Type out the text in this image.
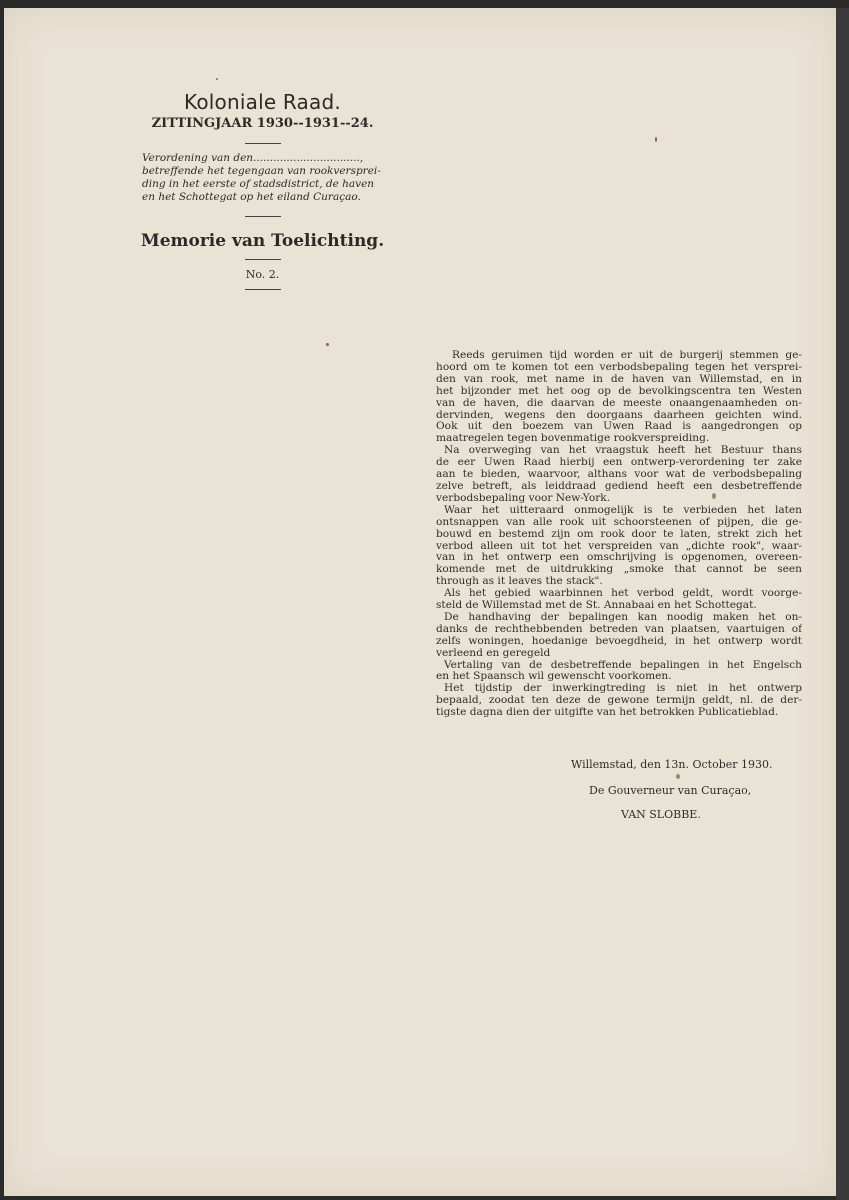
Koloniale Raad.
ZITTINGJAAR 1930--1931--24.
Verordening van den................................,
betreffende het tegengaan van rookversprei-
ding in het eerste of stadsdistrict, de haven
en het Schottegat op het eiland Curaçao.
Memorie van Toelichting.
No. 2.
Reeds geruimen tijd worden er uit de burgerij stemmen ge-
hoord om te komen tot een verbodsbepaling tegen het versprei-
den van rook, met name in de haven van Willemstad, en in
het bijzonder met het oog op de bevolkingscentra ten Westen
van de haven, die daarvan de meeste onaangenaamheden on-
dervinden, wegens den doorgaans daarheen geichten wind.
Ook uit den boezem van Uwen Raad is aangedrongen op
maatregelen tegen bovenmatige rookverspreiding.
Na overweging van het vraagstuk heeft het Bestuur thans
de eer Uwen Raad hierbij een ontwerp-verordening ter zake
aan te bieden, waarvoor, althans voor wat de verbodsbepaling
zelve betreft, als leiddraad gediend heeft een desbetreffende
verbodsbepaling voor New-York.
Waar het uitteraard onmogelijk is te verbieden het laten
ontsnappen van alle rook uit schoorsteenen of pijpen, die ge-
bouwd en bestemd zijn om rook door te laten, strekt zich het
verbod alleen uit tot het verspreiden van „dichte rook", waar-
van in het ontwerp een omschrijving is opgenomen, overeen-
komende met de uitdrukking „smoke that cannot be seen
through as it leaves the stack".
Als het gebied waarbinnen het verbod geldt, wordt voorge-
steld de Willemstad met de St. Annabaai en het Schottegat.
De handhaving der bepalingen kan noodig maken het on-
danks de rechthebbenden betreden van plaatsen, vaartuigen of
zelfs woningen, hoedanige bevoegdheid, in het ontwerp wordt
verleend en geregeld
Vertaling van de desbetreffende bepalingen in het Engelsch
en het Spaansch wil gewenscht voorkomen.
Het tijdstip der inwerkingtreding is niet in het ontwerp
bepaald, zoodat ten deze de gewone termijn geldt, nl. de der-
tigste dagna dien der uitgifte van het betrokken Publicatieblad.
Willemstad, den 13n. October 1930.
De Gouverneur van Curaçao,
VAN SLOBBE.
